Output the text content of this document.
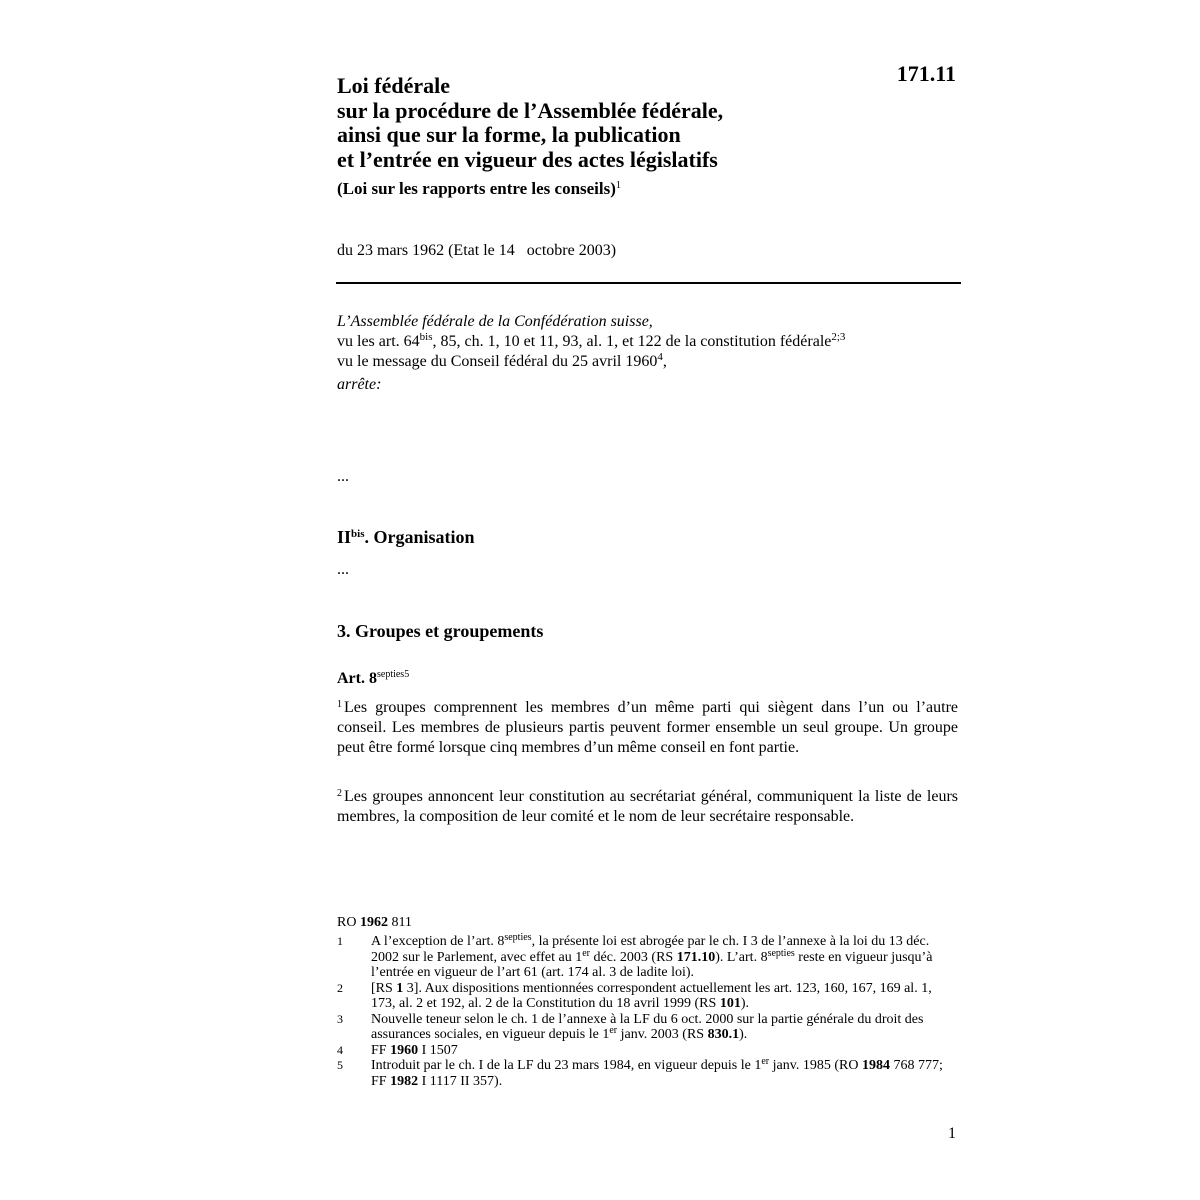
171.11
Loi fédérale
sur la procédure de l’Assemblée fédérale,
ainsi que sur la forme, la publication
et l’entrée en vigueur des actes législatifs
(Loi sur les rapports entre les conseils)$^1$
du 23 mars 1962 (Etat le 14   octobre 2003)
L’Assemblée fédérale de la Confédération suisse,
vu les art. $64^{bis}$, 85, ch. 1, 10 et 11, 93, al. 1, et 122 de la constitution fédérale$^{2;3}$
vu le message du Conseil fédéral du 25 avril 1960$^4$,
arrête:
...
$II^{bis}$. Organisation
...
3. Groupes et groupements
Art. $8^{septies5}$
$^1$ Les groupes comprennent les membres d’un même parti qui siègent dans l’un ou l’autre conseil. Les membres de plusieurs partis peuvent former ensemble un seul groupe. Un groupe peut être formé lorsque cinq membres d’un même conseil en font partie.
$^2$ Les groupes annoncent leur constitution au secrétariat général, communiquent la liste de leurs membres, la composition de leur comité et le nom de leur secrétaire responsable.
RO 1962 811
1	A l’exception de l’art. $8^{septies}$, la présente loi est abrogée par le ch. I 3 de l’annexe à la loi du 13 déc. 2002 sur le Parlement, avec effet au 1er déc. 2003 (RS 171.10). L’art. $8^{septies}$ reste en vigueur jusqu’à l’entrée en vigueur de l’art 61 (art. 174 al. 3 de ladite loi).
2	[RS 1 3]. Aux dispositions mentionnées correspondent actuellement les art. 123, 160, 167, 169 al. 1, 173, al. 2 et 192, al. 2 de la Constitution du 18 avril 1999 (RS 101).
3	Nouvelle teneur selon le ch. 1 de l’annexe à la LF du 6 oct. 2000 sur la partie générale du droit des assurances sociales, en vigueur depuis le 1er janv. 2003 (RS 830.1).
4	FF 1960 I 1507
5	Introduit par le ch. I de la LF du 23 mars 1984, en vigueur depuis le 1er janv. 1985 (RO 1984 768 777; FF 1982 I 1117 II 357).
1
